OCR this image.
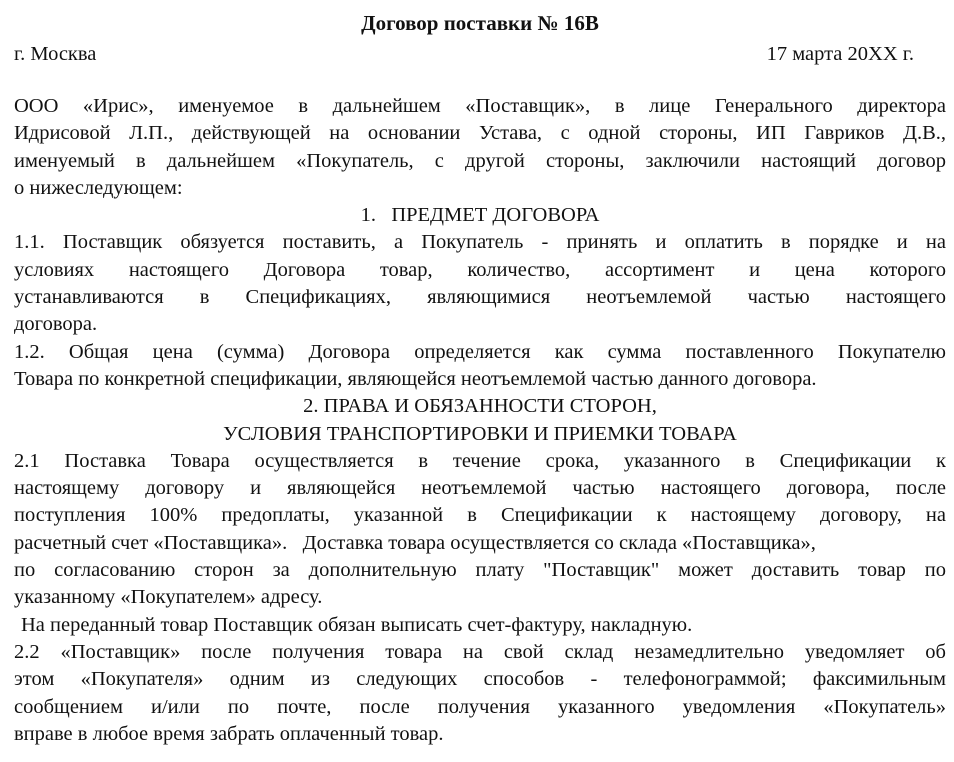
Договор поставки № 16В
г. Москва	17 марта 20ХХ г.
ООО «Ирис», именуемое в дальнейшем «Поставщик», в лице Генерального директора
Идрисовой Л.П., действующей на основании Устава, с одной стороны, ИП Гавриков Д.В.,
именуемый в дальнейшем «Покупатель, с другой стороны, заключили настоящий договор
о нижеследующем:
1.   ПРЕДМЕТ ДОГОВОРА
1.1. Поставщик обязуется поставить, а Покупатель - принять и оплатить в порядке и на
условиях настоящего Договора товар, количество, ассортимент и цена которого
устанавливаются в Спецификациях, являющимися неотъемлемой частью настоящего
договора.
1.2. Общая цена (сумма) Договора определяется как сумма поставленного Покупателю
Товара по конкретной спецификации, являющейся неотъемлемой частью данного договора.
2. ПРАВА И ОБЯЗАННОСТИ СТОРОН,
УСЛОВИЯ ТРАНСПОРТИРОВКИ И ПРИЕМКИ ТОВАРА
2.1 Поставка Товара осуществляется в течение срока, указанного в Спецификации к
настоящему договору и являющейся неотъемлемой частью настоящего договора, после
поступления 100% предоплаты, указанной в Спецификации к настоящему договору, на
расчетный счет «Поставщика».   Доставка товара осуществляется со склада «Поставщика»,
по согласованию сторон за дополнительную плату "Поставщик" может доставить товар по
указанному «Покупателем» адресу.
На переданный товар Поставщик обязан выписать счет-фактуру, накладную.
2.2 «Поставщик» после получения товара на свой склад незамедлительно уведомляет об
этом «Покупателя» одним из следующих способов - телефонограммой; факсимильным
сообщением и/или по почте, после получения указанного уведомления «Покупатель»
вправе в любое время забрать оплаченный товар.
